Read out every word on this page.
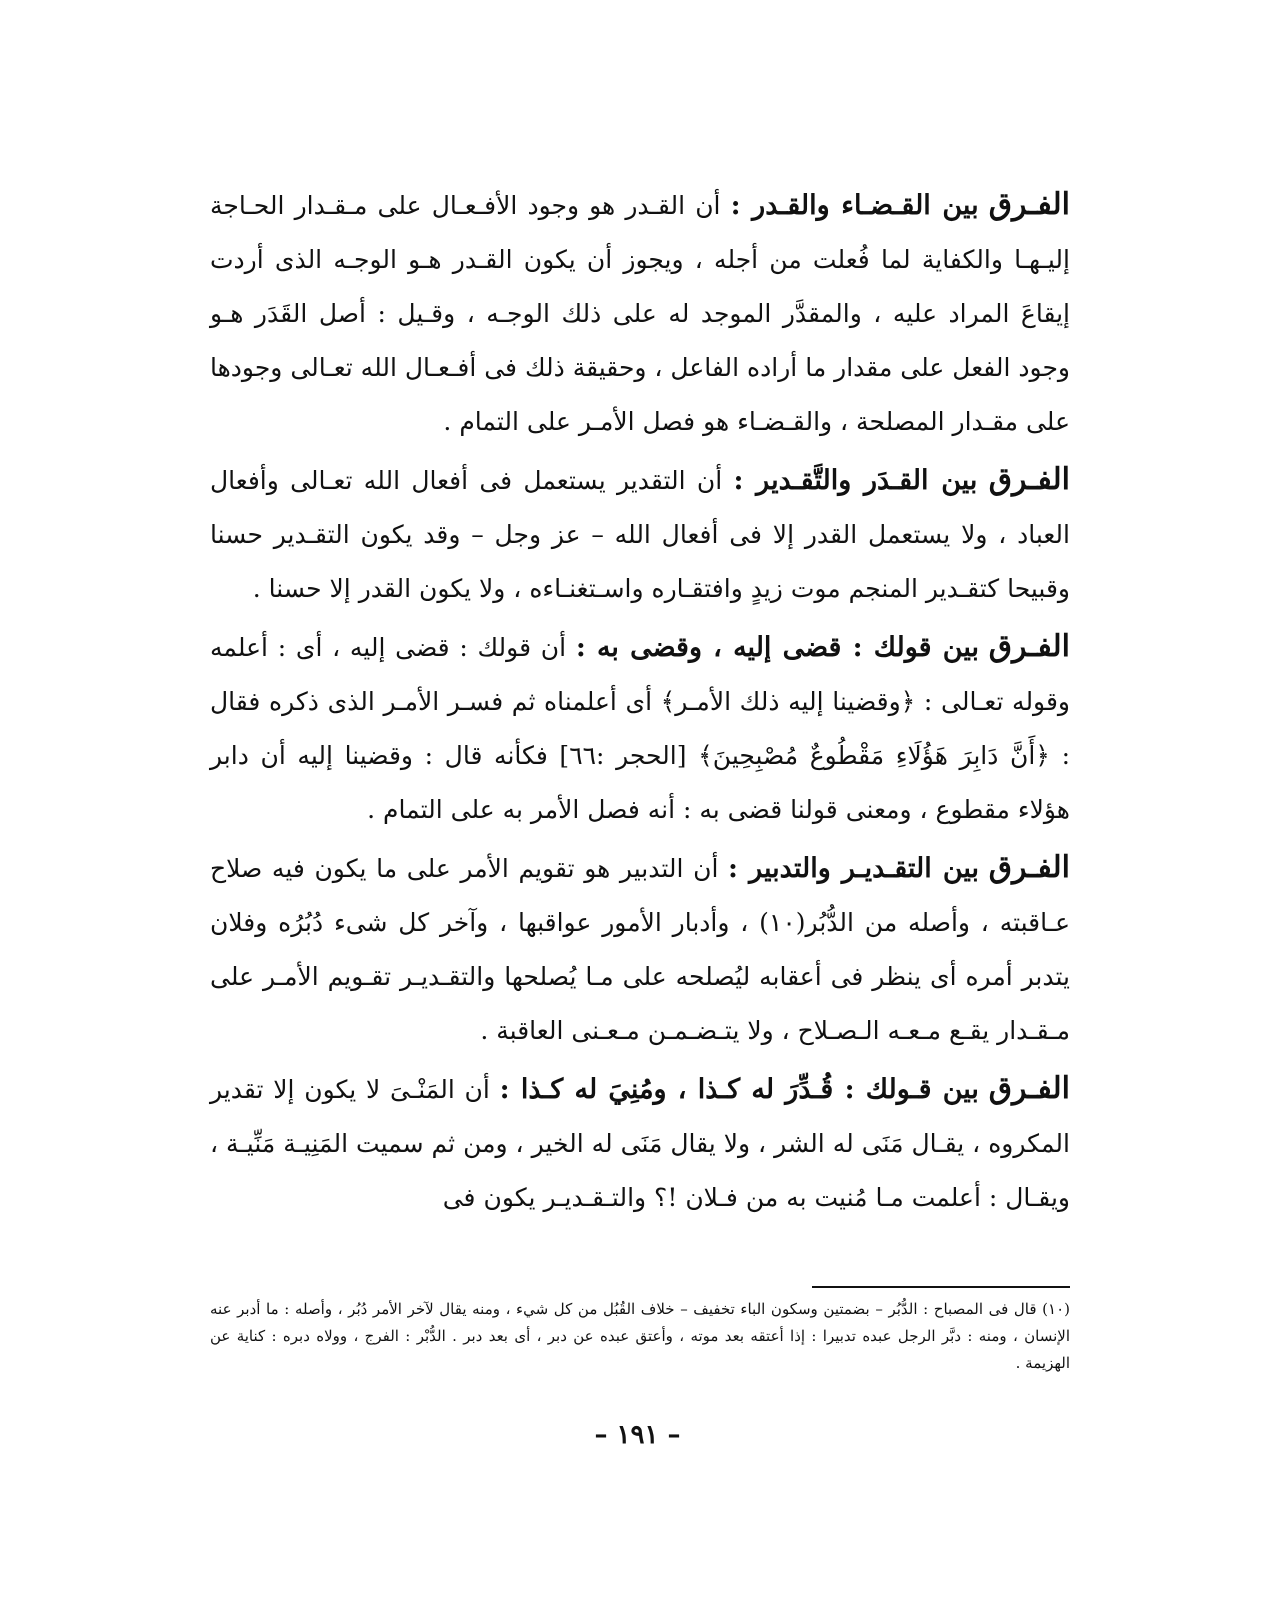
الفـرق بين القـضـاء والقـدر : أن القـدر هو وجود الأفـعـال على مـقـدار الحـاجة إليـهـا والكفاية لما فُعلت من أجله ، ويجوز أن يكون القـدر هـو الوجـه الذى أردت إيقاعَ المراد عليه ، والمقدَّر الموجد له على ذلك الوجـه ، وقـيل : أصل القَدَر هـو وجود الفعل على مقدار ما أراده الفاعل ، وحقيقة ذلك فى أفـعـال الله تعـالى وجودها على مقـدار المصلحة ، والقـضـاء هو فصل الأمـر على التمام .

الفـرق بين القـدَر والتَّقـدير : أن التقدير يستعمل فى أفعال الله تعـالى وأفعال العباد ، ولا يستعمل القدر إلا فى أفعال الله – عز وجل – وقد يكون التقـدير حسنا وقبيحا كتقـدير المنجم موت زيدٍ وافتقـاره واسـتغنـاءه ، ولا يكون القدر إلا حسنا .

الفـرق بين قولك : قضى إليه ، وقضى به : أن قولك : قضى إليه ، أى : أعلمه وقوله تعـالى : ﴿وقضينا إليه ذلك الأمـر﴾ أى أعلمناه ثم فسـر الأمـر الذى ذكره فقال : ﴿أَنَّ دَابِرَ هَؤُلَاءِ مَقْطُوعٌ مُصْبِحِينَ﴾ [الحجر :٦٦] فكأنه قال : وقضينا إليه أن دابر هؤلاء مقطوع ، ومعنى قولنا قضى به : أنه فصل الأمر به على التمام .

الفـرق بين التقـديـر والتدبير : أن التدبير هو تقويم الأمر على ما يكون فيه صلاح عـاقبته ، وأصله من الدُّبُر(١٠) ، وأدبار الأمور عواقبها ، وآخر كل شىء دُبُرُه وفلان يتدبر أمره أى ينظر فى أعقابه ليُصلحه على مـا يُصلحها والتقـديـر تقـويم الأمـر على مـقـدار يقـع مـعـه الـصـلاح ، ولا يتـضـمـن مـعـنى العاقبة .

الفـرق بين قـولك : قُـدِّرَ له كـذا ، ومُنِيَ له كـذا : أن المَنْـىَ لا يكون إلا تقدير المكروه ، يقـال مَنَى له الشر ، ولا يقال مَنَى له الخير ، ومن ثم سميت المَنِيـة مَنِّيـة ، ويقـال : أعلمت مـا مُنيت به من فـلان !؟ والتـقـديـر يكون فى

(١٠) قال فى المصباح : الدُّبُر – بضمتين وسكون الباء تخفيف – خلاف القُبُل من كل شيء ، ومنه يقال لآخر الأمر دُبُر ، وأصله : ما أدبر عنه الإنسان ، ومنه : دبَّر الرجل عبده تدبيرا : إذا أعتقه بعد موته ، وأعتق عبده عن دبر ، أى بعد دبر . الدُّبْر : الفرج ، وولاه دبره : كناية عن الهزيمة .
– ١٩١ –
